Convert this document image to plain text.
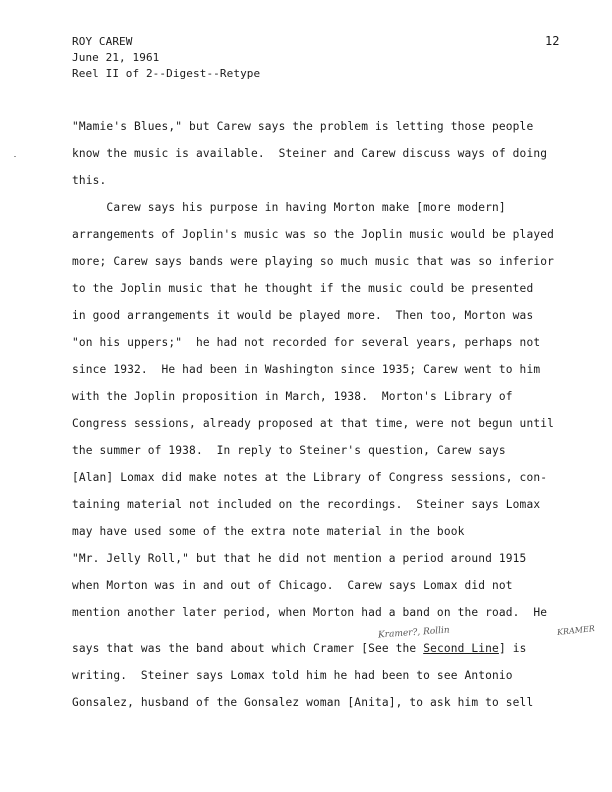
ROY CAREW
June 21, 1961
Reel II of 2--Digest--Retype
12
"Mamie's Blues," but Carew says the problem is letting those people
know the music is available.  Steiner and Carew discuss ways of doing
this.
Carew says his purpose in having Morton make [more modern]
arrangements of Joplin's music was so the Joplin music would be played
more; Carew says bands were playing so much music that was so inferior
to the Joplin music that he thought if the music could be presented
in good arrangements it would be played more.  Then too, Morton was
"on his uppers;"  he had not recorded for several years, perhaps not
since 1932.  He had been in Washington since 1935; Carew went to him
with the Joplin proposition in March, 1938.  Morton's Library of
Congress sessions, already proposed at that time, were not begun until
the summer of 1938.  In reply to Steiner's question, Carew says
[Alan] Lomax did make notes at the Library of Congress sessions, con-
taining material not included on the recordings.  Steiner says Lomax
may have used some of the extra note material in the book
"Mr. Jelly Roll," but that he did not mention a period around 1915
when Morton was in and out of Chicago.  Carew says Lomax did not
mention another later period, when Morton had a band on the road.  He
says that was the band about which Cramer [See the Second Line] is
writing.  Steiner says Lomax told him he had been to see Antonio
Gonsalez, husband of the Gonsalez woman [Anita], to ask him to sell
Kramer?, Rollin	KRAMER
